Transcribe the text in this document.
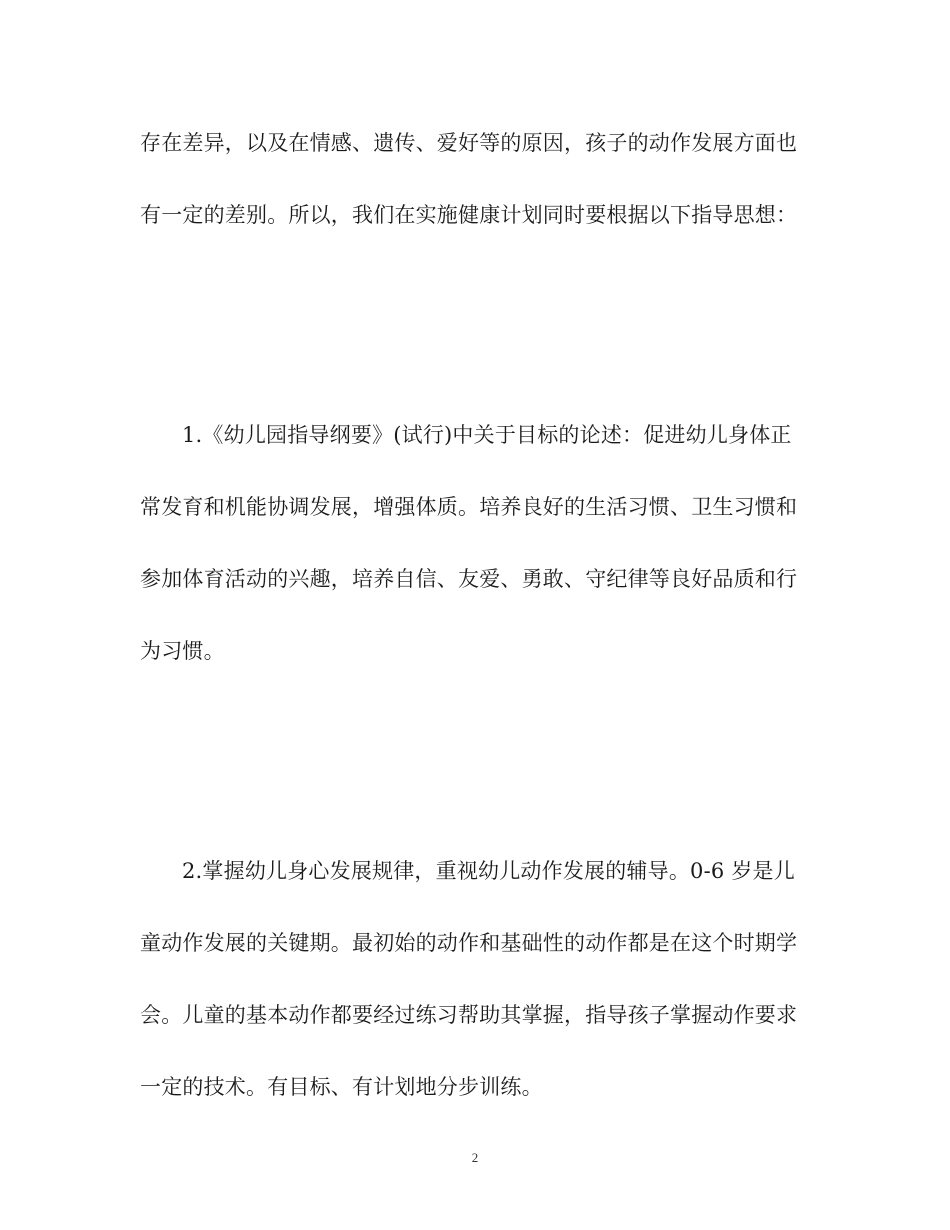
存在差异，以及在情感、遗传、爱好等的原因，孩子的动作发展方面也
有一定的差别。所以，我们在实施健康计划同时要根据以下指导思想：
1.《幼儿园指导纲要》(试行)中关于目标的论述：促进幼儿身体正
常发育和机能协调发展，增强体质。培养良好的生活习惯、卫生习惯和
参加体育活动的兴趣，培养自信、友爱、勇敢、守纪律等良好品质和行
为习惯。
2.掌握幼儿身心发展规律，重视幼儿动作发展的辅导。0-6 岁是儿
童动作发展的关键期。最初始的动作和基础性的动作都是在这个时期学
会。儿童的基本动作都要经过练习帮助其掌握，指导孩子掌握动作要求
一定的技术。有目标、有计划地分步训练。
2
